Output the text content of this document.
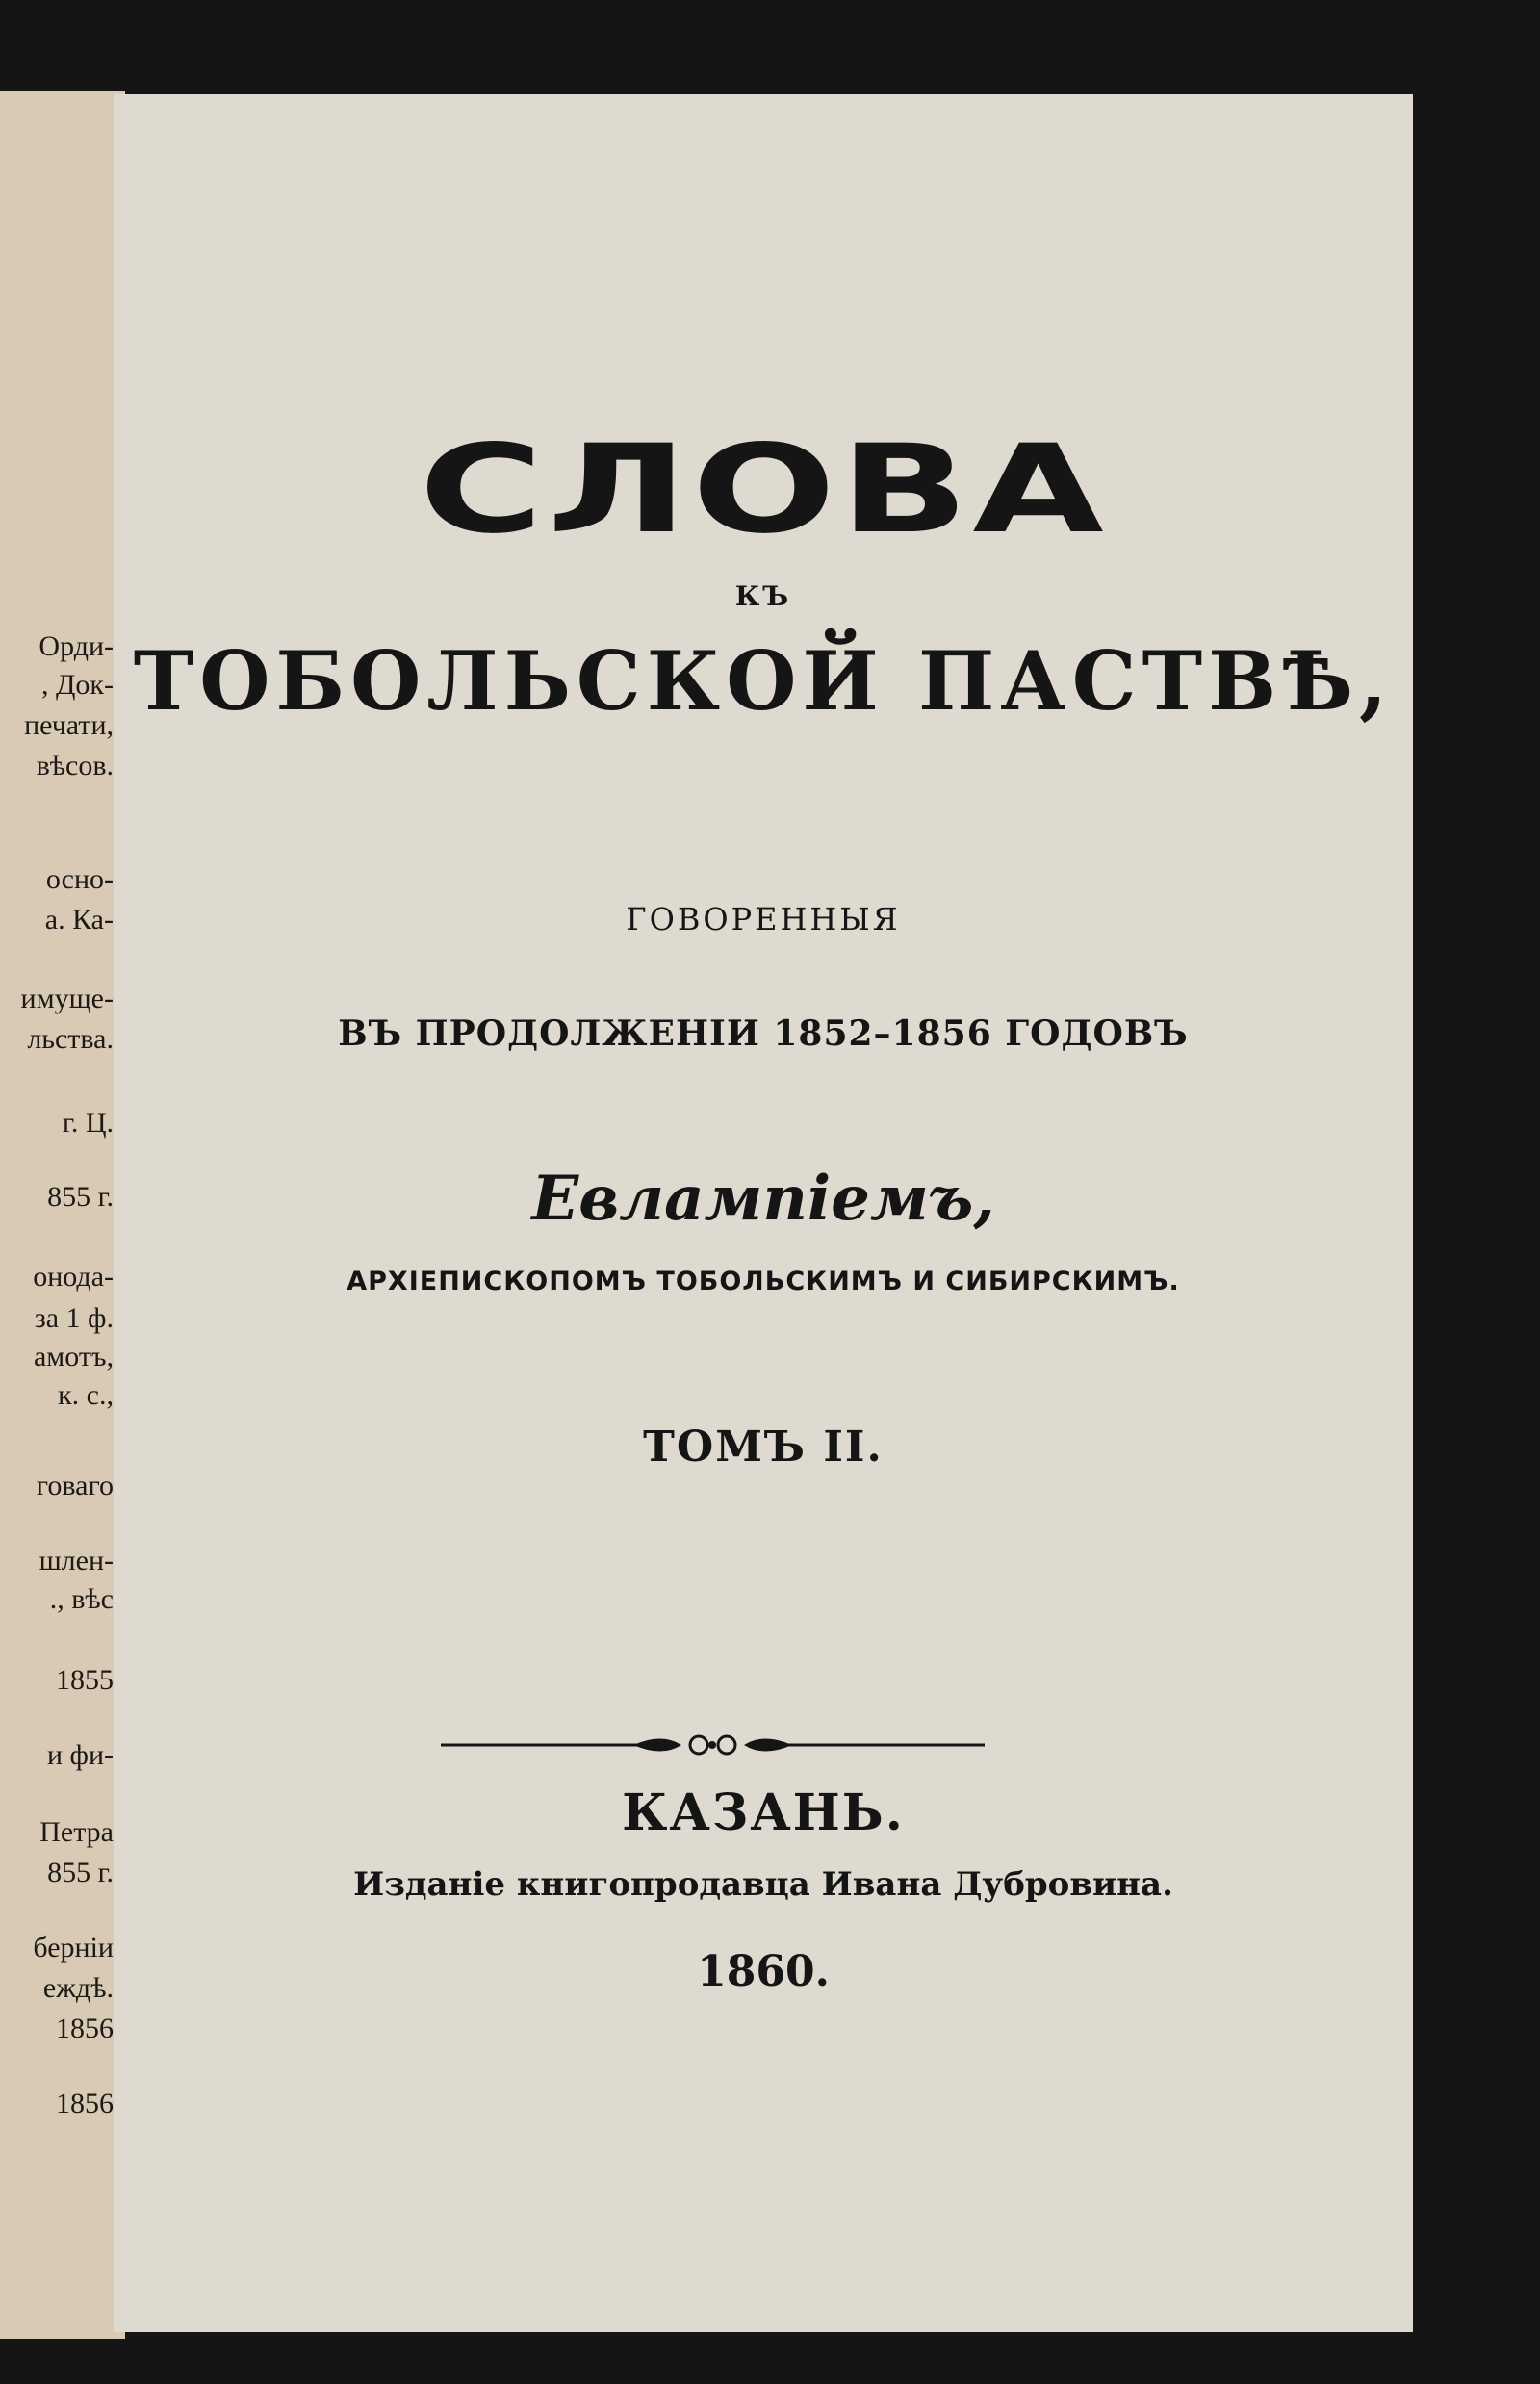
Орди-
, Док-
печати,
вѣсов.
осно-
а. Ка-
имуще-
льства.
г. Ц.
855 г.
онода-
за 1 ф.
амотъ,
к. с.,
говаго
шлен-
., вѣс
1855
и фи-
Петра
855 г.
берніи
еждѣ.
1856
1856
СЛОВА
КЪ
ТОБОЛЬСКОЙ ПАСТВѢ,
ГОВОРЕННЫЯ
ВЪ ПРОДОЛЖЕНІИ 1852–1856 ГОДОВЪ
Евлампіемъ,
АРХІЕПИСКОПОМЪ ТОБОЛЬСКИМЪ И СИБИРСКИМЪ.
ТОМЪ II.
КАЗАНЬ.
Изданіе книгопродавца Ивана Дубровина.
1860.
